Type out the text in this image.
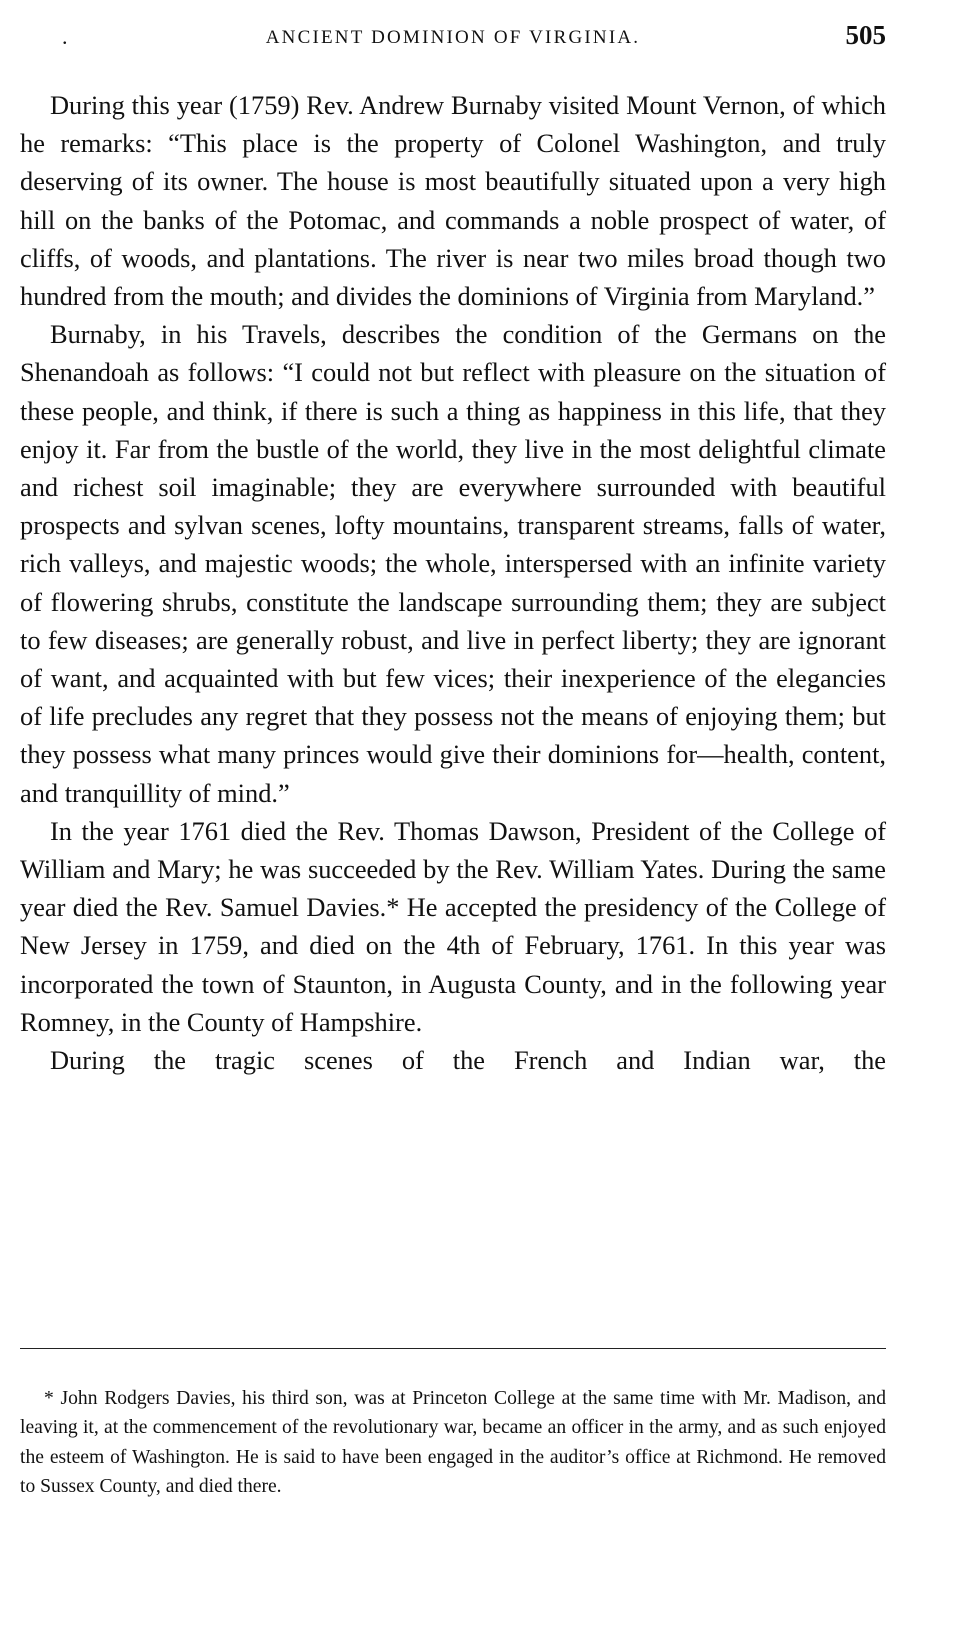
.	ANCIENT DOMINION OF VIRGINIA.	505

During this year (1759) Rev. Andrew Burnaby visited Mount Vernon, of which he remarks: “This place is the property of Colonel Washington, and truly deserving of its owner. The house is most beautifully situated upon a very high hill on the banks of the Potomac, and commands a noble prospect of water, of cliffs, of woods, and plantations. The river is near two miles broad though two hundred from the mouth; and divides the dominions of Virginia from Maryland.”

Burnaby, in his Travels, describes the condition of the Germans on the Shenandoah as follows: “I could not but reflect with pleasure on the situation of these people, and think, if there is such a thing as happiness in this life, that they enjoy it. Far from the bustle of the world, they live in the most delightful climate and richest soil imaginable; they are everywhere surrounded with beautiful prospects and sylvan scenes, lofty mountains, transparent streams, falls of water, rich valleys, and majestic woods; the whole, interspersed with an infinite variety of flowering shrubs, constitute the landscape surrounding them; they are subject to few diseases; are generally robust, and live in perfect liberty; they are ignorant of want, and acquainted with but few vices; their inexperience of the elegancies of life precludes any regret that they possess not the means of enjoying them; but they possess what many princes would give their dominions for—health, content, and tranquillity of mind.”

In the year 1761 died the Rev. Thomas Dawson, President of the College of William and Mary; he was succeeded by the Rev. William Yates. During the same year died the Rev. Samuel Davies.* He accepted the presidency of the College of New Jersey in 1759, and died on the 4th of February, 1761. In this year was incorporated the town of Staunton, in Augusta County, and in the following year Romney, in the County of Hampshire.

During the tragic scenes of the French and Indian war, the

* John Rodgers Davies, his third son, was at Princeton College at the same time with Mr. Madison, and leaving it, at the commencement of the revolutionary war, became an officer in the army, and as such enjoyed the esteem of Washington. He is said to have been engaged in the auditor’s office at Richmond. He removed to Sussex County, and died there.
